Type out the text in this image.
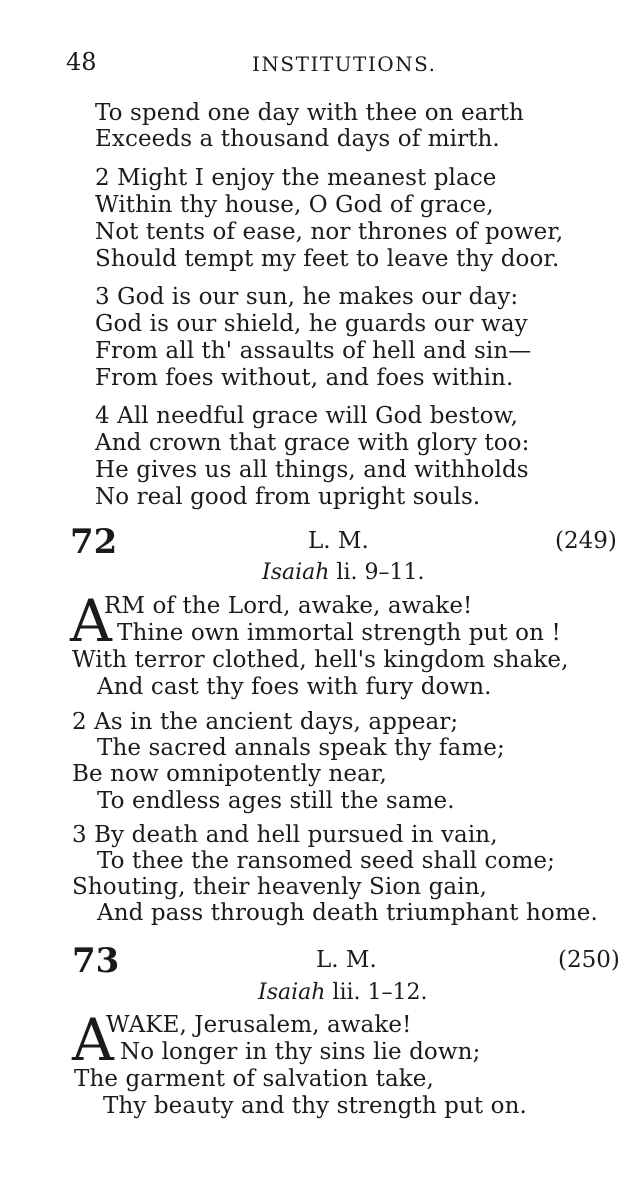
48	INSTITUTIONS.
To spend one day with thee on earth
Exceeds a thousand days of mirth.
2 Might I enjoy the meanest place
Within thy house, O God of grace,
Not tents of ease, nor thrones of power,
Should tempt my feet to leave thy door.
3 God is our sun, he makes our day:
God is our shield, he guards our way
From all th' assaults of hell and sin—
From foes without, and foes within.
4 All needful grace will God bestow,
And crown that grace with glory too:
He gives us all things, and withholds
No real good from upright souls.
72	L. M.	(249)
Isaiah li. 9–11.
A
RM of the Lord, awake, awake!
Thine own immortal strength put on !
With terror clothed, hell's kingdom shake,
And cast thy foes with fury down.
2 As in the ancient days, appear;
The sacred annals speak thy fame;
Be now omnipotently near,
To endless ages still the same.
3 By death and hell pursued in vain,
To thee the ransomed seed shall come;
Shouting, their heavenly Sion gain,
And pass through death triumphant home.
73	L. M.	(250)
Isaiah lii. 1–12.
A
WAKE, Jerusalem, awake!
No longer in thy sins lie down;
The garment of salvation take,
Thy beauty and thy strength put on.
